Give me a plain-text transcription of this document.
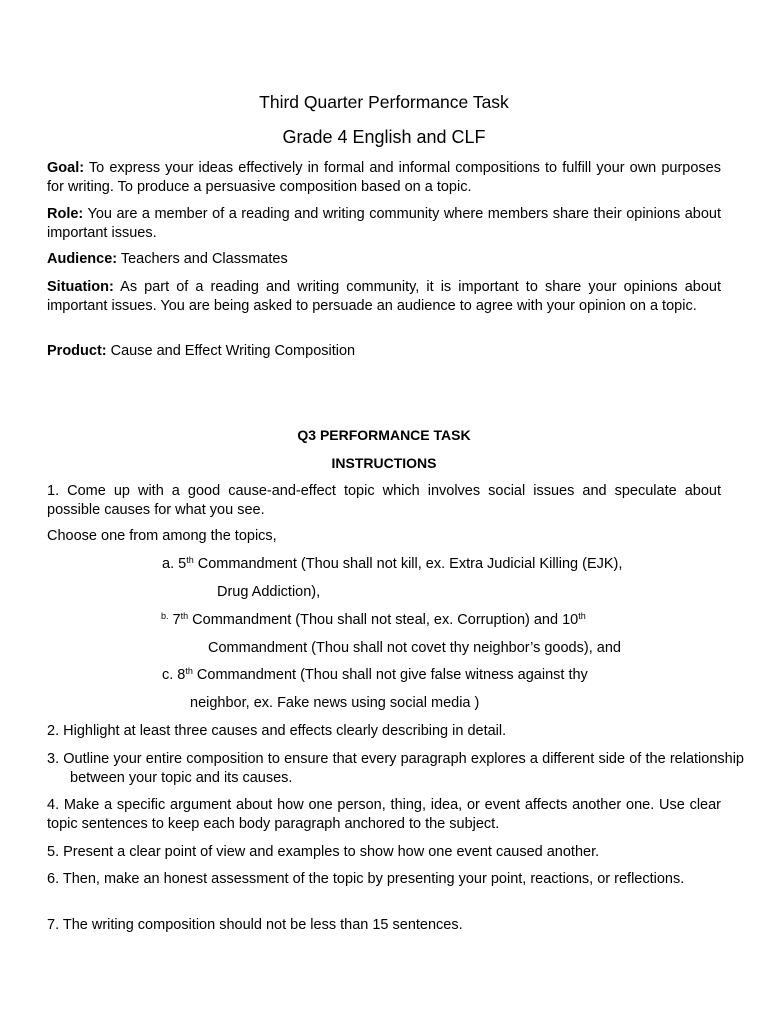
Third Quarter Performance Task
Grade 4 English and CLF
Goal: To express your ideas effectively in formal and informal compositions to fulfill your own purposes for writing. To produce a persuasive composition based on a topic.
Role: You are a member of a reading and writing community where members share their opinions about important issues.
Audience: Teachers and Classmates
Situation: As part of a reading and writing community, it is important to share your opinions about important issues. You are being asked to persuade an audience to agree with your opinion on a topic.
Product: Cause and Effect Writing Composition
Q3 PERFORMANCE TASK
INSTRUCTIONS
1. Come up with a good cause-and-effect topic which involves social issues and speculate about possible causes for what you see.
Choose one from among the topics,
a. 5th Commandment (Thou shall not kill, ex. Extra Judicial Killing (EJK),
Drug Addiction),
$^{b.}$ 7th Commandment (Thou shall not steal, ex. Corruption) and 10th
Commandment (Thou shall not covet thy neighbor’s goods), and
c. 8th Commandment (Thou shall not give false witness against thy
neighbor, ex. Fake news using social media )
2. Highlight at least three causes and effects clearly describing in detail.
3. Outline your entire composition to ensure that every paragraph explores a different side of the relationship between your topic and its causes.
4. Make a specific argument about how one person, thing, idea, or event affects another one. Use clear topic sentences to keep each body paragraph anchored to the subject.
5. Present a clear point of view and examples to show how one event caused another.
6. Then, make an honest assessment of the topic by presenting your point, reactions, or reflections.
7. The writing composition should not be less than 15 sentences.
